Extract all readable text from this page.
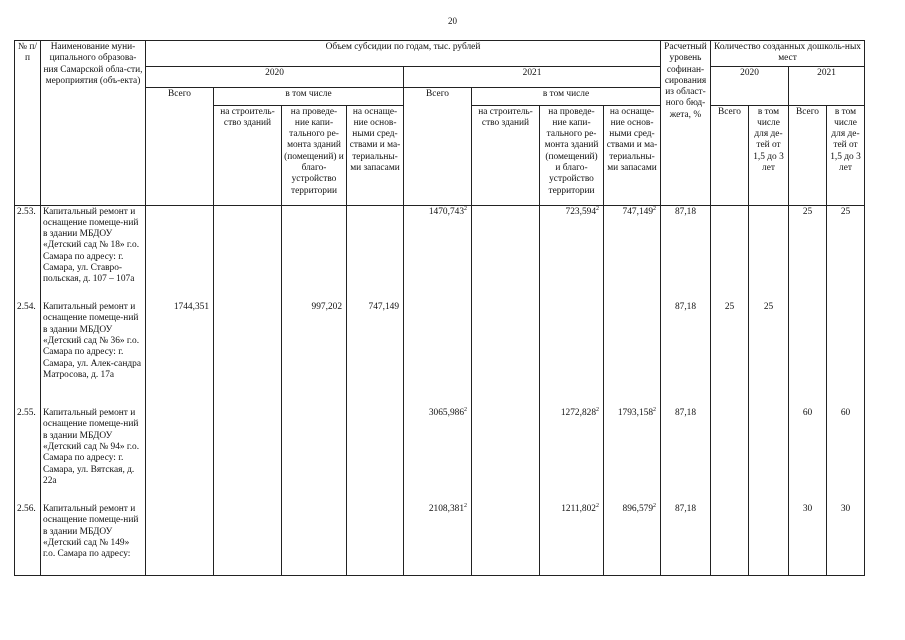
20
№ п/п	Наименование муни-ципального образова-ния Самарской обла-сти, мероприятия (объ-екта)	Объем субсидии по годам, тыс. рублей								Расчетный уровень софинан-сирования из област-ного бюд-жета, %	Количество созданных дошколь-ных мест			
		2020				2021					2020		2021	
		Всего	в том числе			Всего	в том числе							
			на строитель-ство зданий	на проведе-ние капи-тального ре-монта зданий (помещений) и благо-устройство территории	на оснаще-ние основ-ными сред-ствами и ма-териальны-ми запасами		на строитель-ство зданий	на проведе-ние капи-тального ре-монта зданий (помещений) и благо-устройство территории	на оснаще-ние основ-ными сред-ствами и ма-териальны-ми запасами		Всего	в том числе для де-тей от 1,5 до 3 лет	Всего	в том числе для де-тей от 1,5 до 3 лет
2.53.	Капитальный ремонт и оснащение помеще-ний в здании МБДОУ «Детский сад № 18» г.о. Самара по адресу: г. Самара, ул. Ставро-польская, д. 107 – 107а					1470,743$^2$		723,594$^2$	747,149$^2$	87,18			25	25
2.54.	Капитальный ремонт и оснащение помеще-ний в здании МБДОУ «Детский сад № 36» г.о. Самара по адресу: г. Самара, ул. Алек-сандра Матросова, д. 17а	1744,351		997,202	747,149					87,18	25	25		
2.55.	Капитальный ремонт и оснащение помеще-ний в здании МБДОУ «Детский сад № 94» г.о. Самара по адресу: г. Самара, ул. Вятская, д. 22а					3065,986$^2$		1272,828$^2$	1793,158$^2$	87,18			60	60
2.56.	Капитальный ремонт и оснащение помеще-ний в здании МБДОУ «Детский сад № 149» г.о. Самара по адресу:					2108,381$^2$		1211,802$^2$	896,579$^2$	87,18			30	30
